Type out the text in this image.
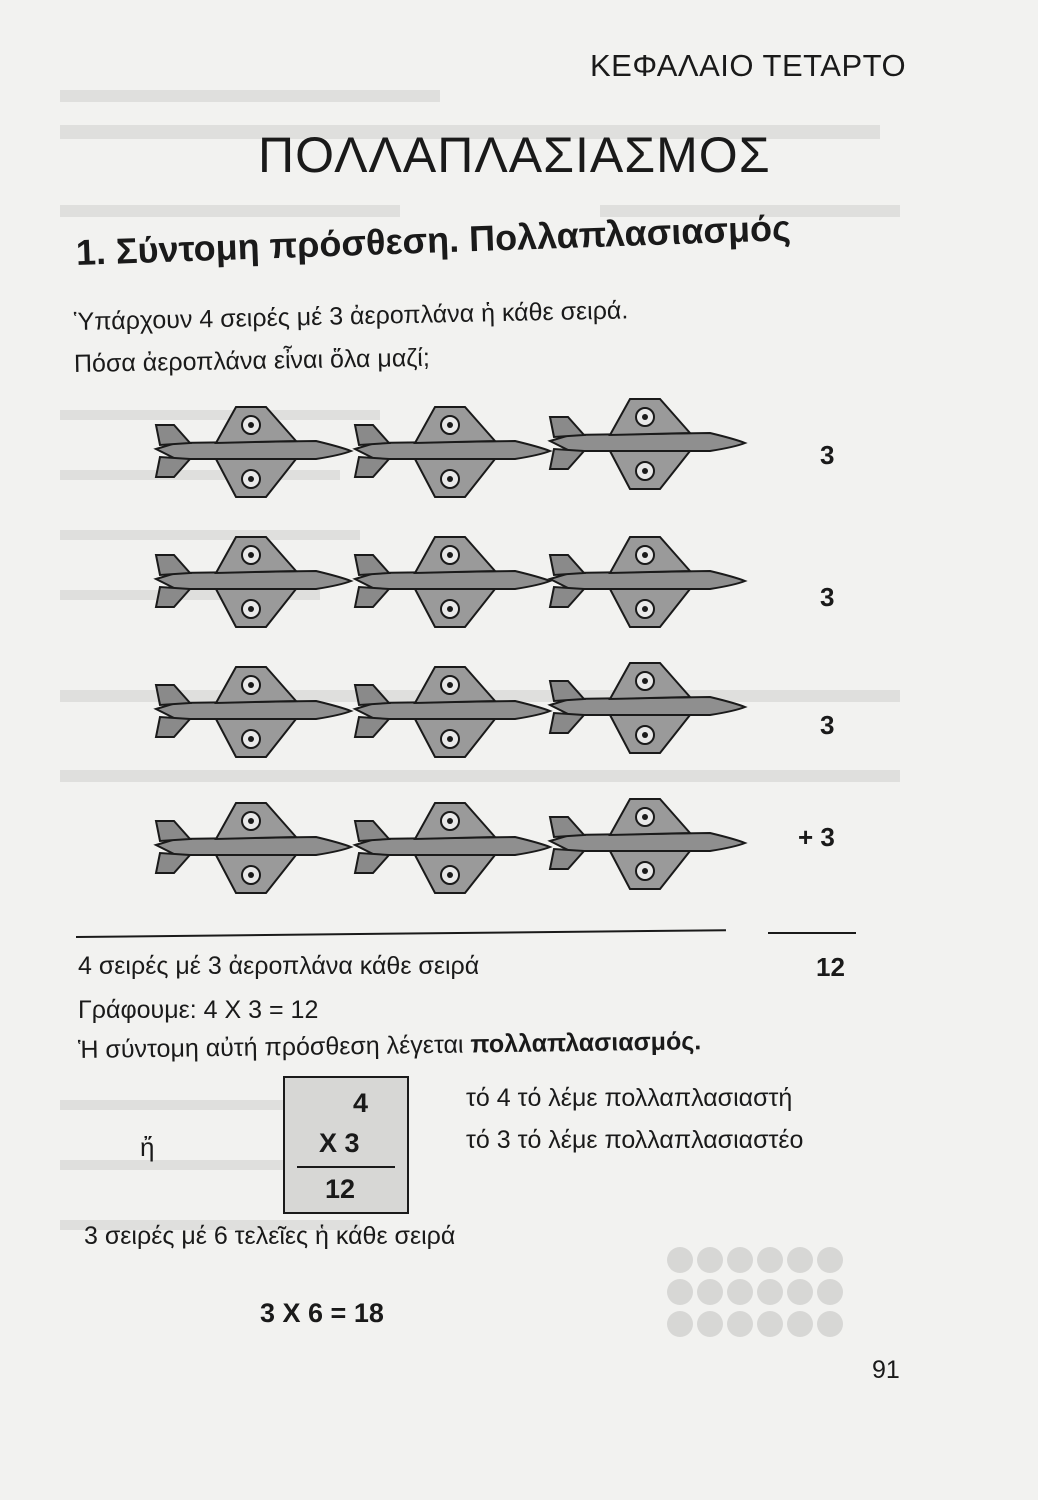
ΚΕΦΑΛΑΙΟ ΤΕΤΑΡΤΟ
ΠΟΛΛΑΠΛΑΣΙΑΣΜΟΣ
1. Σύντομη πρόσθεση. Πολλαπλασιασμός
Ὑπάρχουν 4 σειρές μέ 3 ἀεροπλάνα ἡ κάθε σειρά.
Πόσα ἀεροπλάνα εἶναι ὅλα μαζί;
3
3
3
+ 3
4 σειρές μέ 3 ἀεροπλάνα κάθε σειρά	12
Γράφουμε: 4 X 3 = 12
Ἡ σύντομη αὐτή πρόσθεση λέγεται πολλαπλασιασμός.
ἤ
4
X 3
12
τό 4 τό λέμε πολλαπλασιαστή
τό 3 τό λέμε πολλαπλασιαστέο
3 σειρές μέ 6 τελεῖες ἡ κάθε σειρά
3 X 6 = 18
91
